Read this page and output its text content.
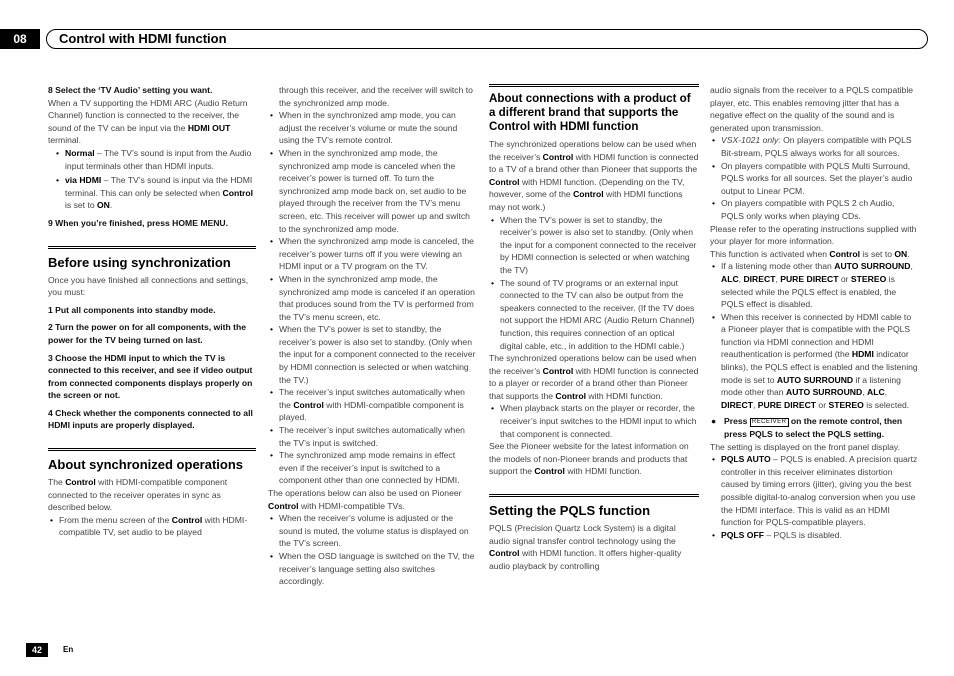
08	Control with HDMI function

8 Select the ‘TV Audio’ setting you want.

When a TV supporting the HDMI ARC (Audio Return Channel) function is connected to the receiver, the sound of the TV can be input via the HDMI OUT terminal.

• Normal – The TV’s sound is input from the Audio input terminals other than HDMI inputs.

• via HDMI – The TV’s sound is input via the HDMI terminal. This can only be selected when Control is set to ON.

9 When you’re finished, press HOME MENU.

Before using synchronization

Once you have finished all connections and settings, you must:

1 Put all components into standby mode.

2 Turn the power on for all components, with the power for the TV being turned on last.

3 Choose the HDMI input to which the TV is connected to this receiver, and see if video output from connected components displays properly on the screen or not.

4 Check whether the components connected to all HDMI inputs are properly displayed.

About synchronized operations

The Control with HDMI-compatible component connected to the receiver operates in sync as described below.

• From the menu screen of the Control with HDMI-compatible TV, set audio to be played

through this receiver, and the receiver will switch to the synchronized amp mode.

• When in the synchronized amp mode, you can adjust the receiver’s volume or mute the sound using the TV’s remote control.

• When in the synchronized amp mode, the synchronized amp mode is canceled when the receiver’s power is turned off. To turn the synchronized amp mode back on, set audio to be played through the receiver from the TV’s menu screen, etc. This receiver will power up and switch to the synchronized amp mode.

• When the synchronized amp mode is canceled, the receiver’s power turns off if you were viewing an HDMI input or a TV program on the TV.

• When in the synchronized amp mode, the synchronized amp mode is canceled if an operation that produces sound from the TV is performed from the TV’s menu screen, etc.

• When the TV’s power is set to standby, the receiver’s power is also set to standby. (Only when the input for a component connected to the receiver by HDMI connection is selected or when watching the TV.)

• The receiver’s input switches automatically when the Control with HDMI-compatible component is played.

• The receiver’s input switches automatically when the TV’s input is switched.

• The synchronized amp mode remains in effect even if the receiver’s input is switched to a component other than one connected by HDMI.

The operations below can also be used on Pioneer Control with HDMI-compatible TVs.

• When the receiver’s volume is adjusted or the sound is muted, the volume status is displayed on the TV’s screen.

• When the OSD language is switched on the TV, the receiver’s language setting also switches accordingly.

About connections with a product of a different brand that supports the Control with HDMI function

The synchronized operations below can be used when the receiver’s Control with HDMI function is connected to a TV of a brand other than Pioneer that supports the Control with HDMI function. (Depending on the TV, however, some of the Control with HDMI functions may not work.)

• When the TV’s power is set to standby, the receiver’s power is also set to standby. (Only when the input for a component connected to the receiver by HDMI connection is selected or when watching the TV)

• The sound of TV programs or an external input connected to the TV can also be output from the speakers connected to the receiver. (If the TV does not support the HDMI ARC (Audio Return Channel) function, this requires connection of an optical digital cable, etc., in addition to the HDMI cable.)

The synchronized operations below can be used when the receiver’s Control with HDMI function is connected to a player or recorder of a brand other than Pioneer that supports the Control with HDMI function.

• When playback starts on the player or recorder, the receiver’s input switches to the HDMI input to which that component is connected.

See the Pioneer website for the latest information on the models of non-Pioneer brands and products that support the Control with HDMI function.

Setting the PQLS function

PQLS (Precision Quartz Lock System) is a digital audio signal transfer control technology using the Control with HDMI function. It offers higher-quality audio playback by controlling

audio signals from the receiver to a PQLS compatible player, etc. This enables removing jitter that has a negative effect on the quality of the sound and is generated upon transmission.

• VSX-1021 only: On players compatible with PQLS Bit-stream, PQLS always works for all sources.

• On players compatible with PQLS Multi Surround, PQLS works for all sources. Set the player’s audio output to Linear PCM.

• On players compatible with PQLS 2 ch Audio, PQLS only works when playing CDs.

Please refer to the operating instructions supplied with your player for more information.

This function is activated when Control is set to ON.

• If a listening mode other than AUTO SURROUND, ALC, DIRECT, PURE DIRECT or STEREO is selected while the PQLS effect is enabled, the PQLS effect is disabled.

• When this receiver is connected by HDMI cable to a Pioneer player that is compatible with the PQLS function via HDMI connection and HDMI reauthentication is performed (the HDMI indicator blinks), the PQLS effect is enabled and the listening mode is set to AUTO SURROUND if a listening mode other than AUTO SURROUND, ALC, DIRECT, PURE DIRECT or STEREO is selected.

● Press RECEIVER on the remote control, then press PQLS to select the PQLS setting.

The setting is displayed on the front panel display.

• PQLS AUTO – PQLS is enabled. A precision quartz controller in this receiver eliminates distortion caused by timing errors (jitter), giving you the best possible digital-to-analog conversion when you use the HDMI interface. This is valid as an HDMI function for PQLS-compatible players.

• PQLS OFF – PQLS is disabled.

42	En
